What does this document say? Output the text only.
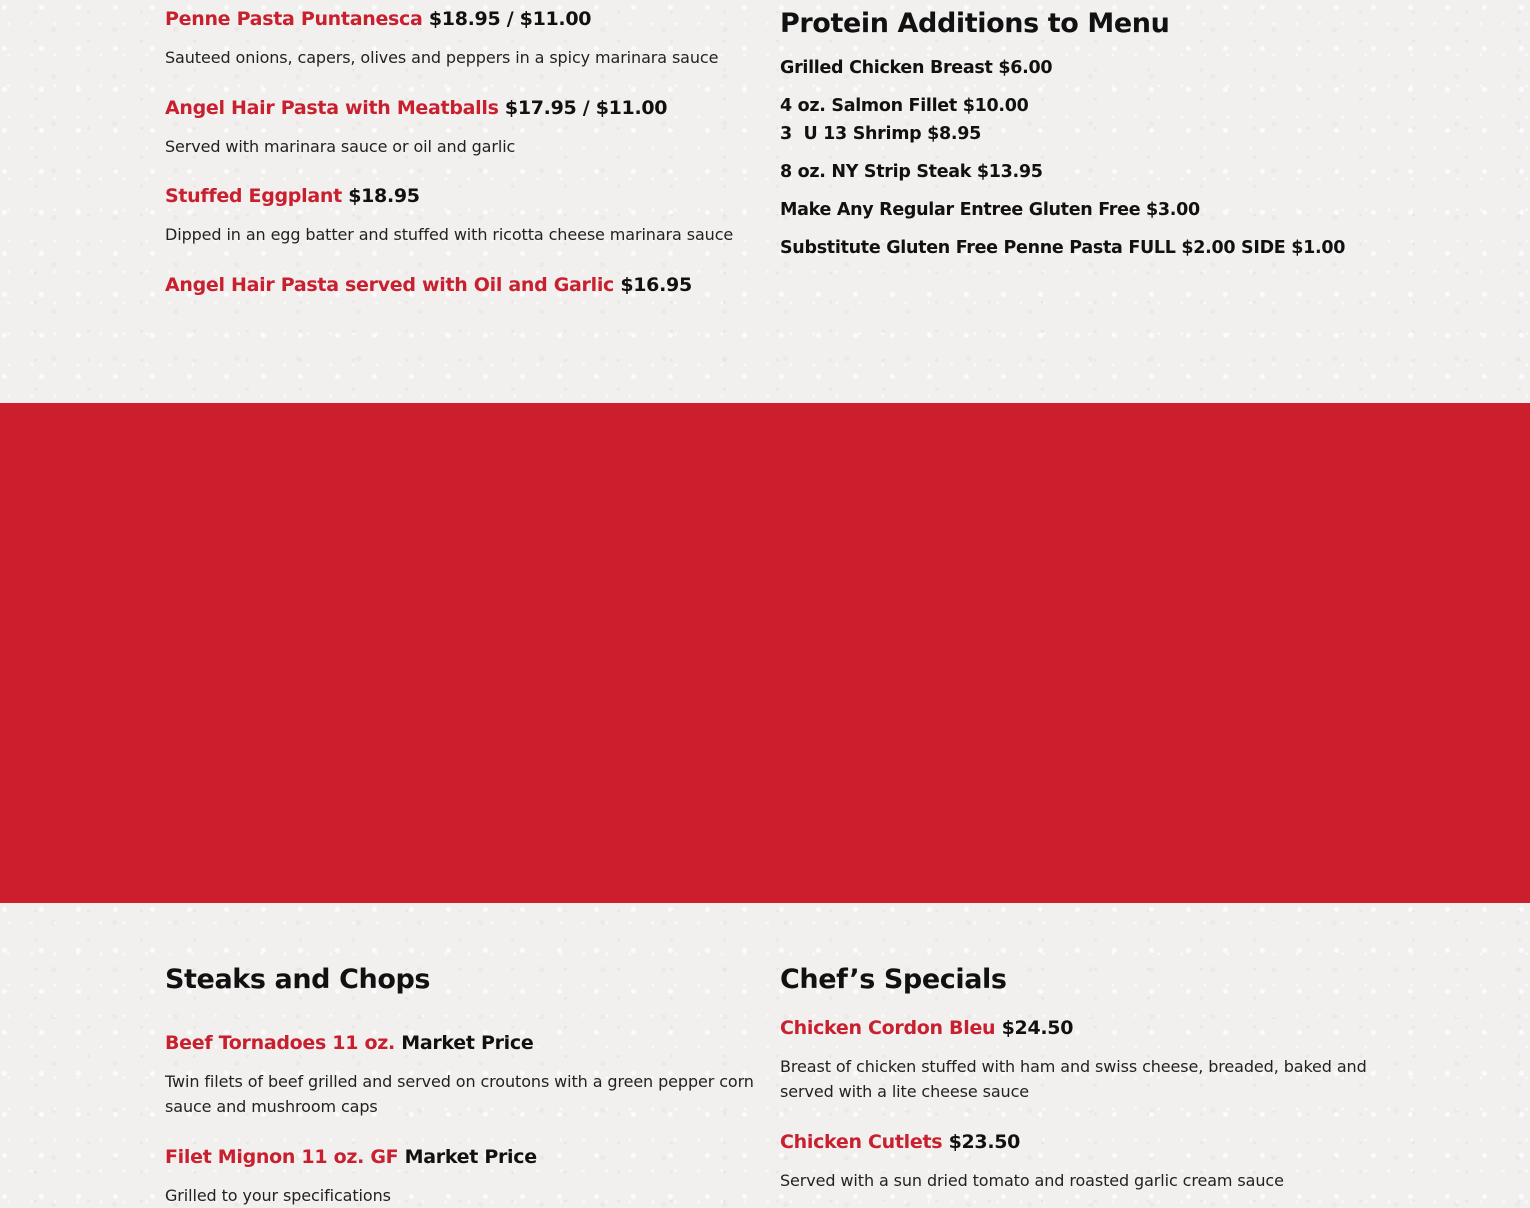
Penne Pasta Puntanesca $18.95 / $11.00
Sauteed onions, capers, olives and peppers in a spicy marinara sauce
Angel Hair Pasta with Meatballs $17.95 / $11.00
Served with marinara sauce or oil and garlic
Stuffed Eggplant $18.95
Dipped in an egg batter and stuffed with ricotta cheese marinara sauce
Angel Hair Pasta served with Oil and Garlic $16.95
Protein Additions to Menu
Grilled Chicken Breast $6.00
4 oz. Salmon Fillet $10.00
3  U 13 Shrimp $8.95
8 oz. NY Strip Steak $13.95
Make Any Regular Entree Gluten Free $3.00
Substitute Gluten Free Penne Pasta FULL $2.00 SIDE $1.00
Steaks and Chops
Beef Tornadoes 11 oz. Market Price
Twin filets of beef grilled and served on croutons with a green pepper corn sauce and mushroom caps
Filet Mignon 11 oz. GF Market Price
Grilled to your specifications
Chef’s Specials
Chicken Cordon Bleu $24.50
Breast of chicken stuffed with ham and swiss cheese, breaded, baked and served with a lite cheese sauce
Chicken Cutlets $23.50
Served with a sun dried tomato and roasted garlic cream sauce
